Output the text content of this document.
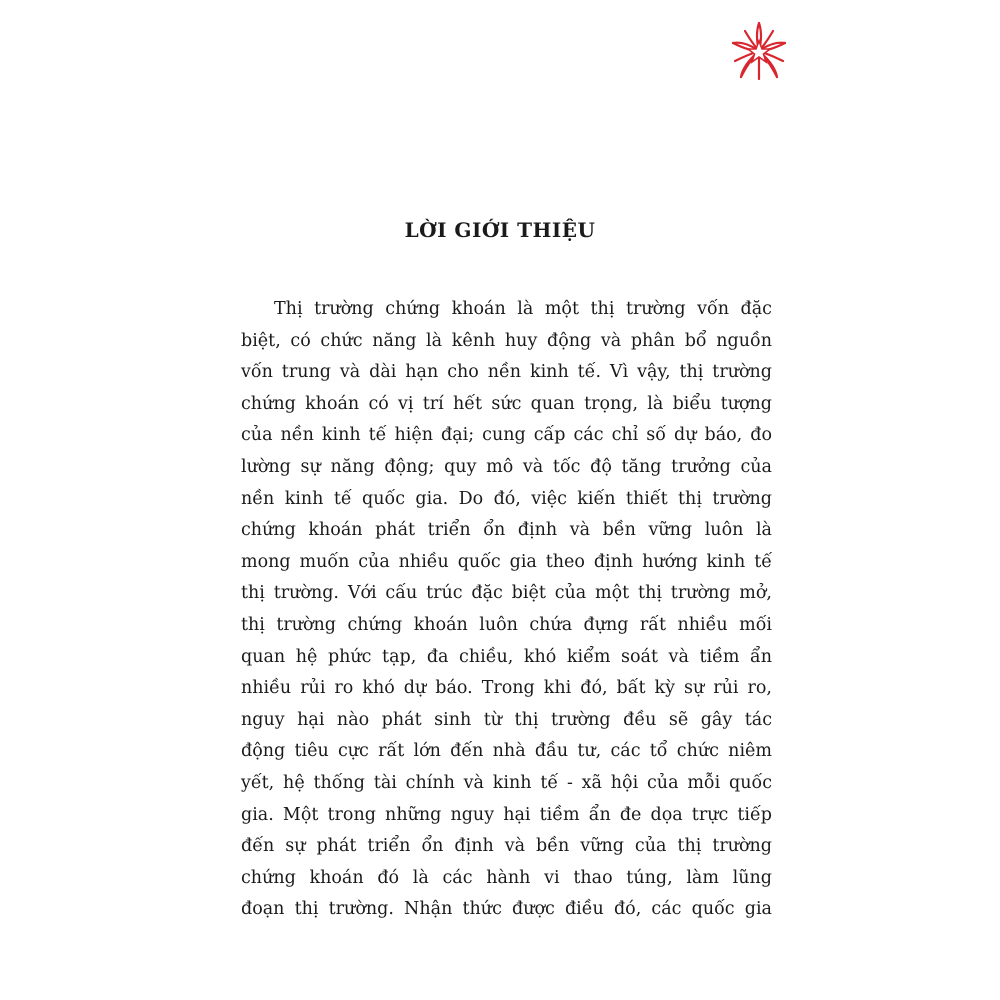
LỜI GIỚI THIỆU
Thị trường chứng khoán là một thị trường vốn đặc
biệt, có chức năng là kênh huy động và phân bổ nguồn
vốn trung và dài hạn cho nền kinh tế. Vì vậy, thị trường
chứng khoán có vị trí hết sức quan trọng, là biểu tượng
của nền kinh tế hiện đại; cung cấp các chỉ số dự báo, đo
lường sự năng động; quy mô và tốc độ tăng trưởng của
nền kinh tế quốc gia. Do đó, việc kiến thiết thị trường
chứng khoán phát triển ổn định và bền vững luôn là
mong muốn của nhiều quốc gia theo định hướng kinh tế
thị trường. Với cấu trúc đặc biệt của một thị trường mở,
thị trường chứng khoán luôn chứa đựng rất nhiều mối
quan hệ phức tạp, đa chiều, khó kiểm soát và tiềm ẩn
nhiều rủi ro khó dự báo. Trong khi đó, bất kỳ sự rủi ro,
nguy hại nào phát sinh từ thị trường đều sẽ gây tác
động tiêu cực rất lớn đến nhà đầu tư, các tổ chức niêm
yết, hệ thống tài chính và kinh tế - xã hội của mỗi quốc
gia. Một trong những nguy hại tiềm ẩn đe dọa trực tiếp
đến sự phát triển ổn định và bền vững của thị trường
chứng khoán đó là các hành vi thao túng, làm lũng
đoạn thị trường. Nhận thức được điều đó, các quốc gia
